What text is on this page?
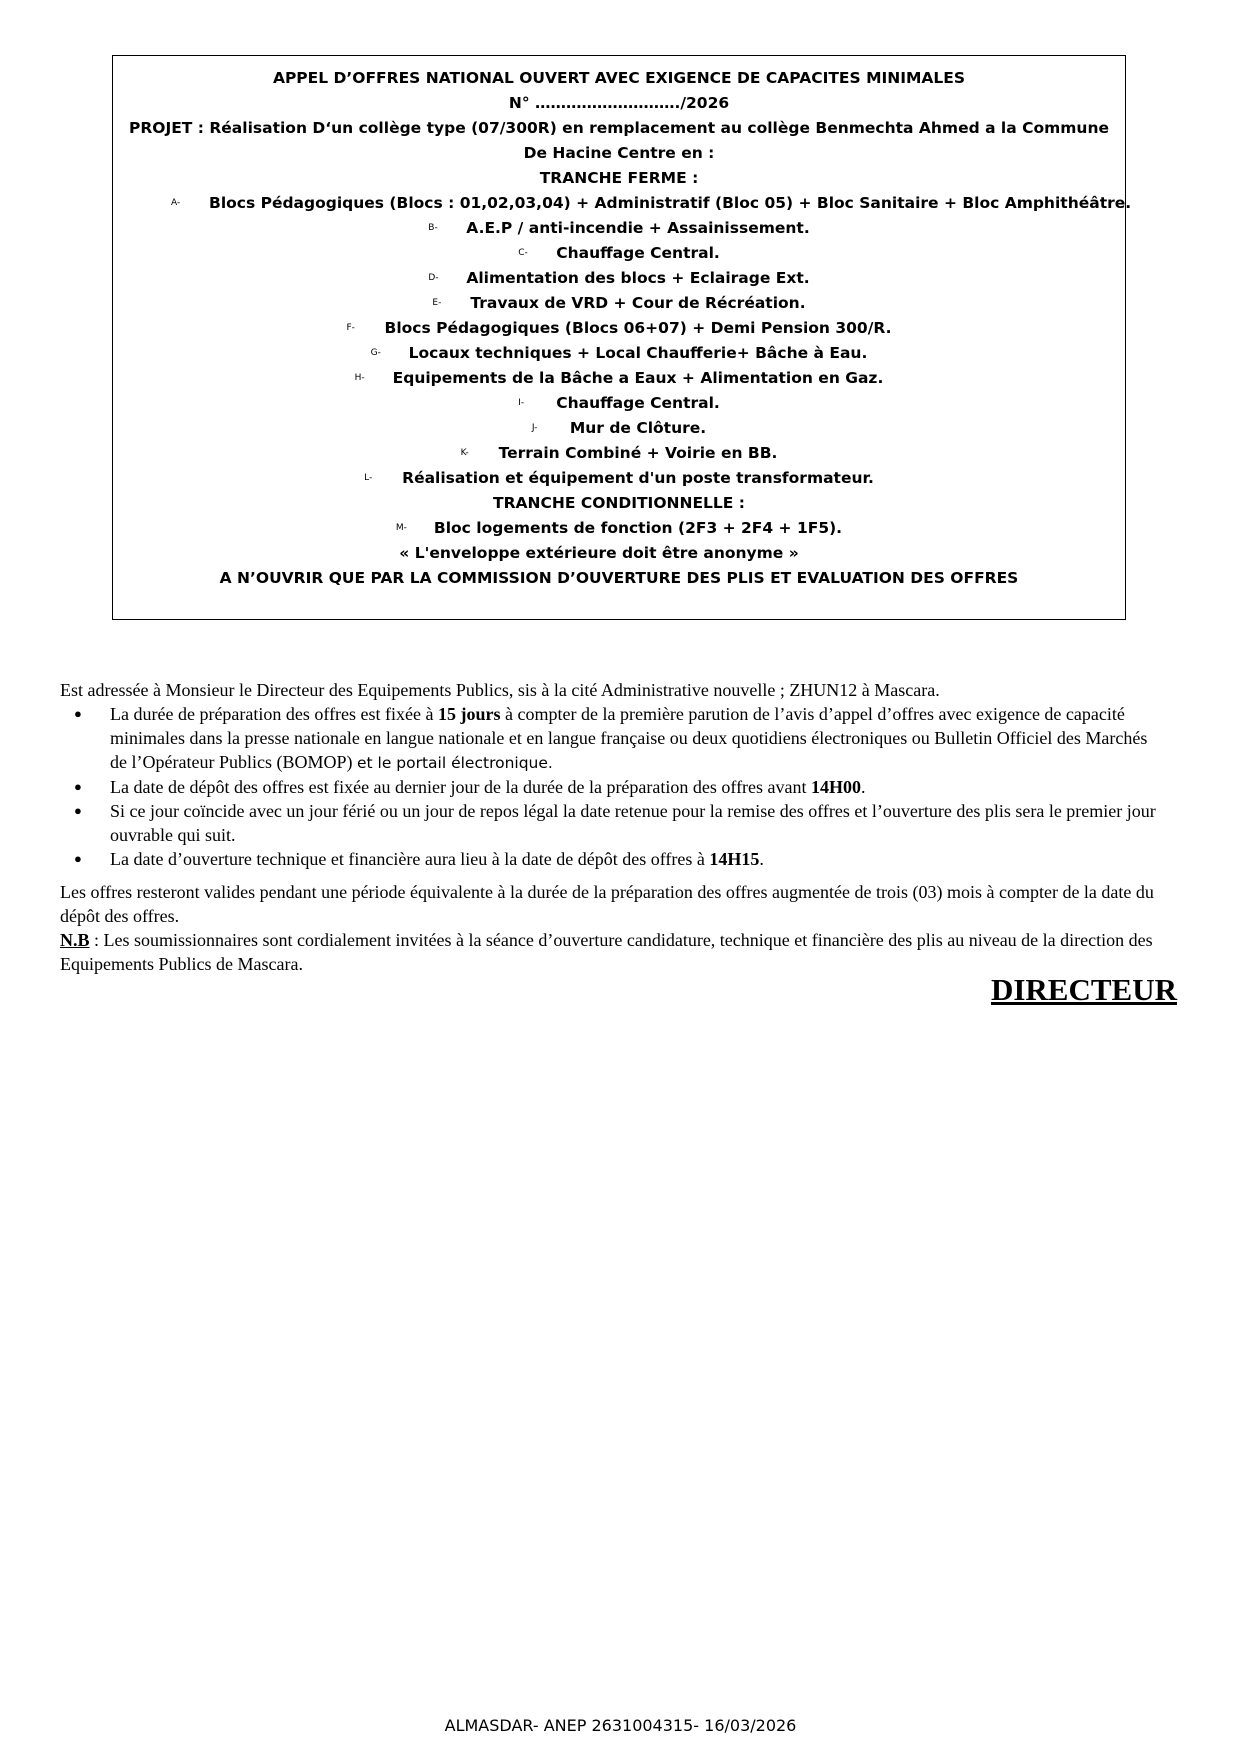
APPEL D’OFFRES NATIONAL OUVERT AVEC EXIGENCE DE CAPACITES MINIMALES
N° ………………………./2026
PROJET : Réalisation D‘un collège type (07/300R) en remplacement au collège Benmechta Ahmed a la Commune
De Hacine Centre en :
TRANCHE FERME :
A- Blocs Pédagogiques (Blocs : 01,02,03,04) + Administratif (Bloc 05) + Bloc Sanitaire + Bloc Amphithéâtre.
B- A.E.P / anti-incendie + Assainissement.
C- Chauffage Central.
D- Alimentation des blocs + Eclairage Ext.
E- Travaux de VRD + Cour de Récréation.
F- Blocs Pédagogiques (Blocs 06+07) + Demi Pension 300/R.
G- Locaux techniques + Local Chaufferie+ Bâche à Eau.
H- Equipements de la Bâche a Eaux + Alimentation en Gaz.
I- Chauffage Central.
J- Mur de Clôture.
K- Terrain Combiné + Voirie en BB.
L- Réalisation et équipement d'un poste transformateur.
TRANCHE CONDITIONNELLE :
M- Bloc logements de fonction (2F3 + 2F4 + 1F5).
« L'enveloppe extérieure doit être anonyme »
A N’OUVRIR QUE PAR LA COMMISSION D’OUVERTURE DES PLIS ET EVALUATION DES OFFRES
Est adressée à Monsieur le Directeur des Equipements Publics, sis à la cité Administrative nouvelle ; ZHUN12 à Mascara.
● La durée de préparation des offres est fixée à 15 jours à compter de la première parution de l’avis d’appel d’offres avec exigence de capacité minimales dans la presse nationale en langue nationale et en langue française ou deux quotidiens électroniques ou Bulletin Officiel des Marchés de l’Opérateur Publics (BOMOP) et le portail électronique.
● La date de dépôt des offres est fixée au dernier jour de la durée de la préparation des offres avant 14H00.
● Si ce jour coïncide avec un jour férié ou un jour de repos légal la date retenue pour la remise des offres et l’ouverture des plis sera le premier jour ouvrable qui suit.
● La date d’ouverture technique et financière aura lieu à la date de dépôt des offres à 14H15.
Les offres resteront valides pendant une période équivalente à la durée de la préparation des offres augmentée de trois (03) mois à compter de la date du dépôt des offres.
N.B : Les soumissionnaires sont cordialement invitées à la séance d’ouverture candidature, technique et financière des plis au niveau de la direction des Equipements Publics de Mascara.
DIRECTEUR
ALMASDAR- ANEP 2631004315- 16/03/2026
